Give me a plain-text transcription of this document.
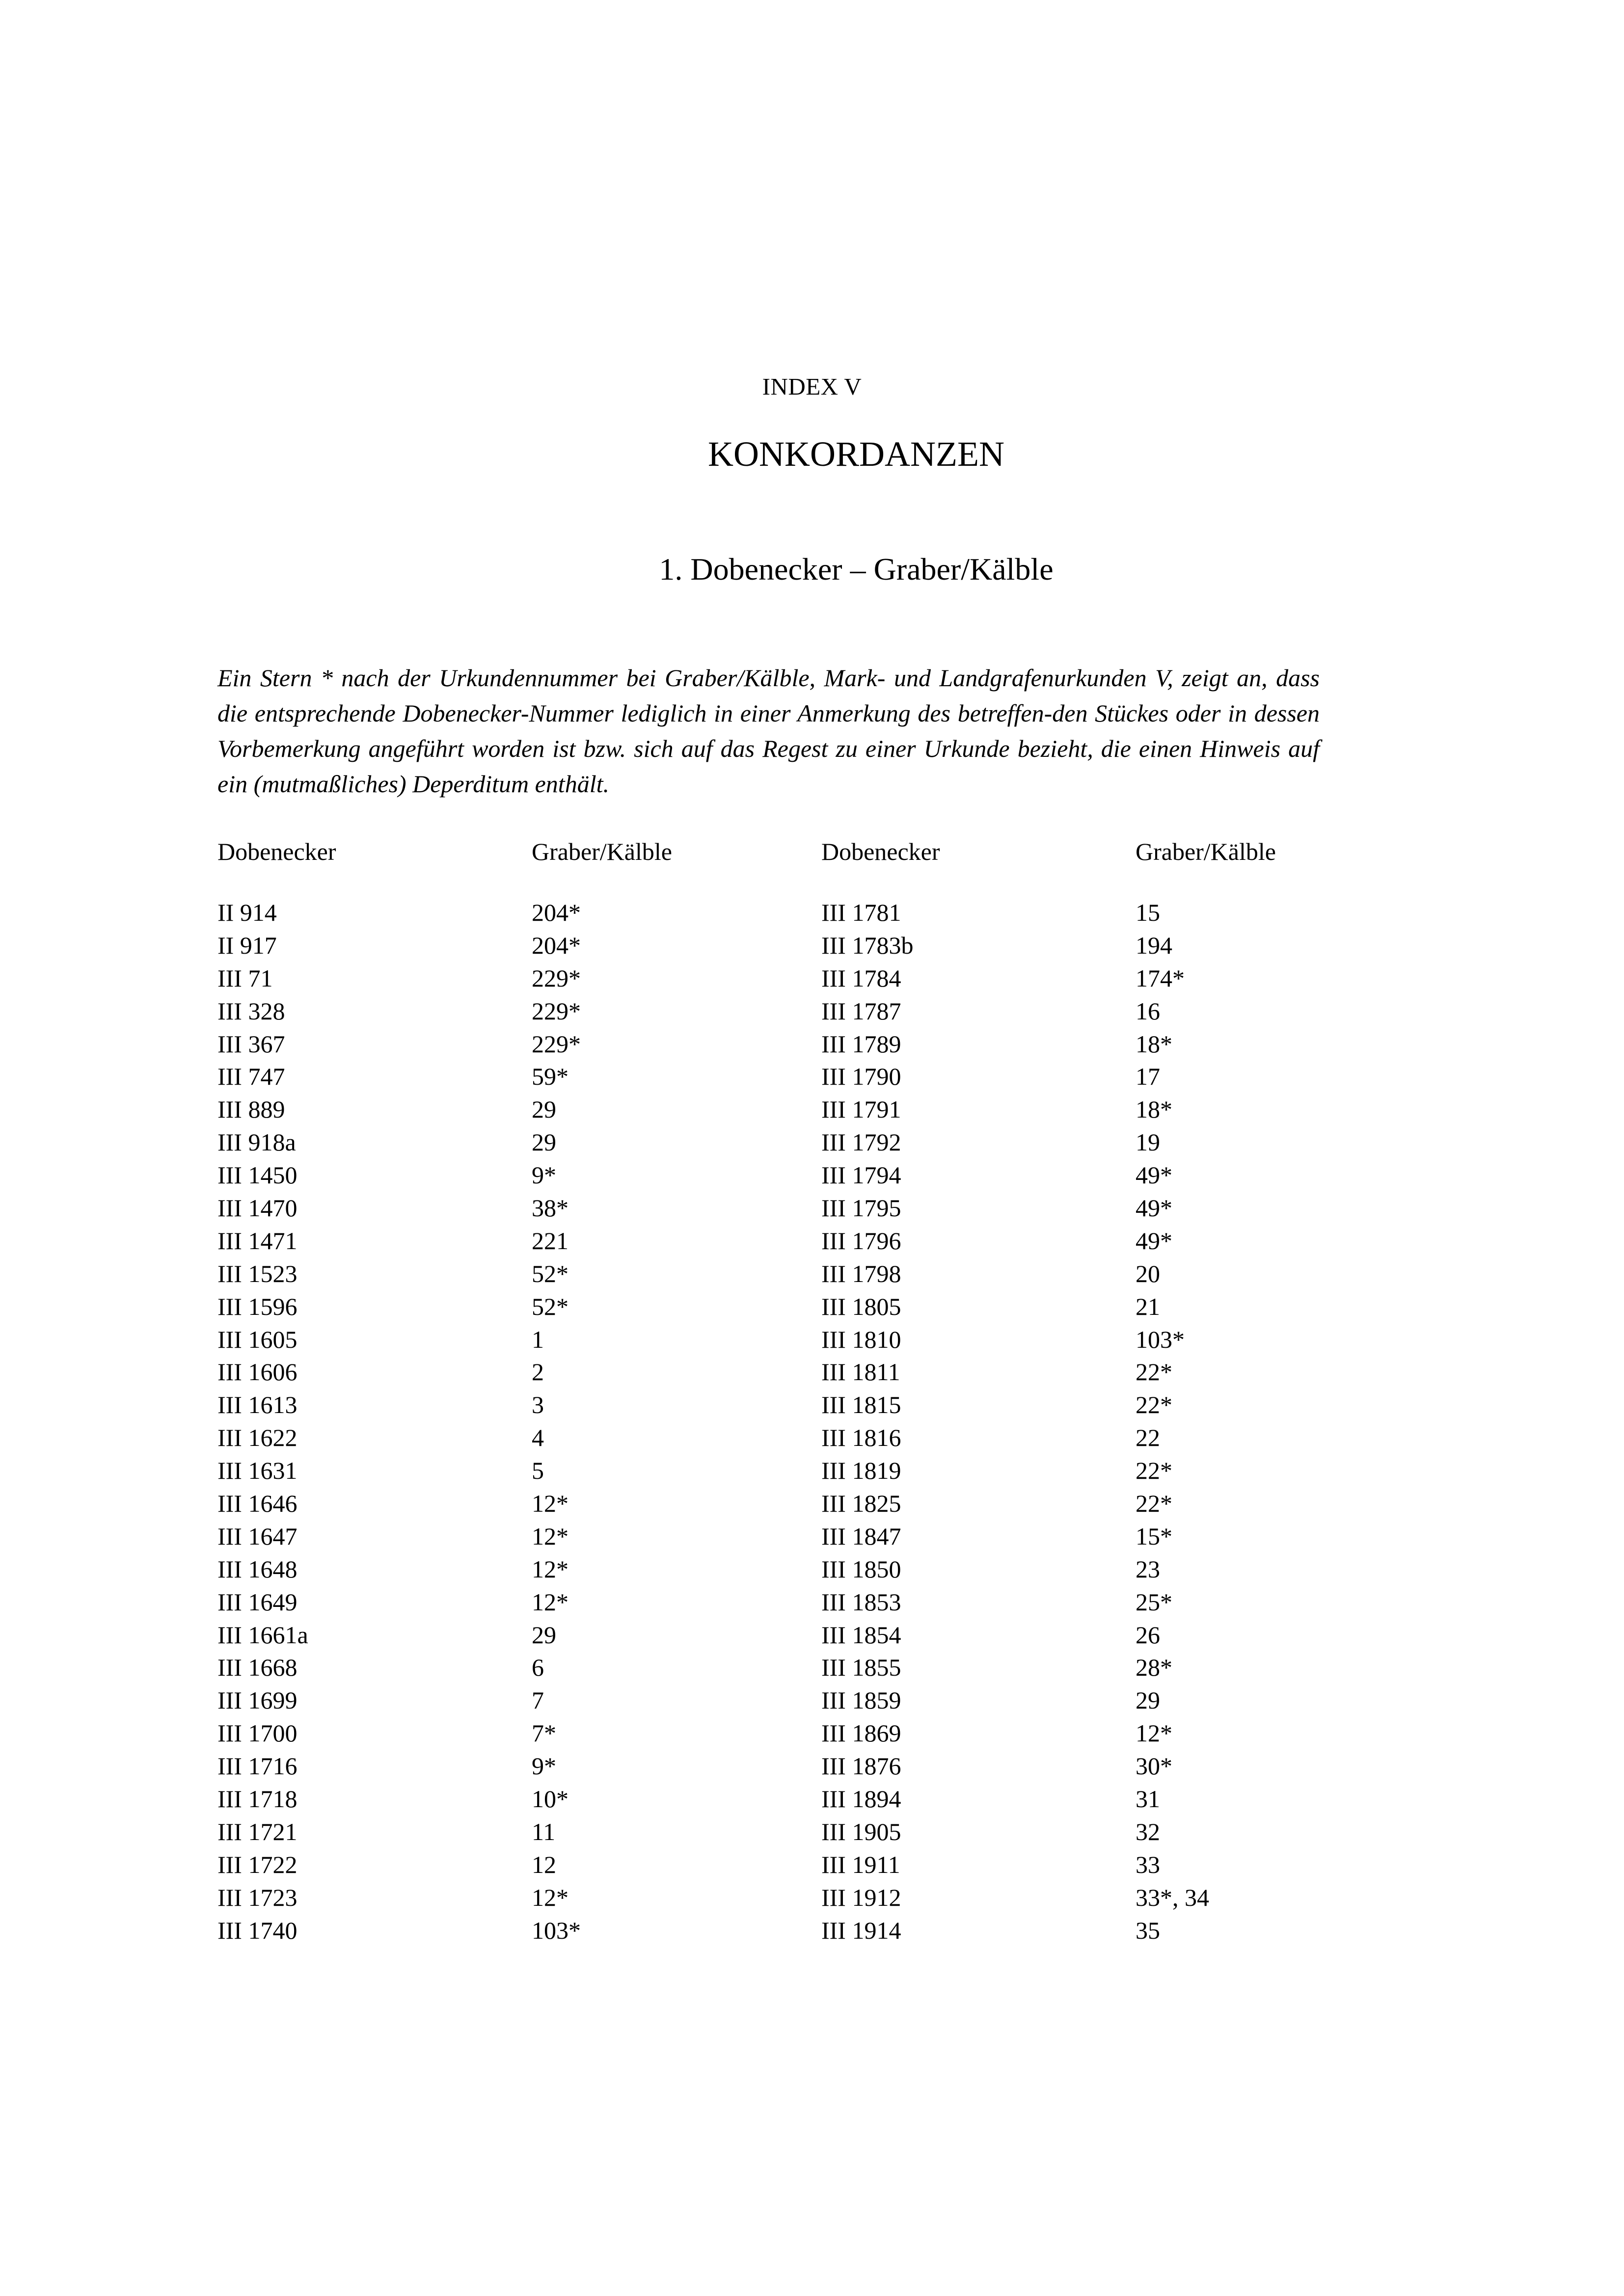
INDEX V
KONKORDANZEN
1. Dobenecker – Graber/Kälble

Ein Stern * nach der Urkundennummer bei Graber/Kälble, Mark- und Landgrafenurkunden V, zeigt an, dass die entsprechende Dobenecker-Nummer lediglich in einer Anmerkung des betreffen-den Stückes oder in dessen Vorbemerkung angeführt worden ist bzw. sich auf das Regest zu einer Urkunde bezieht, die einen Hinweis auf ein (mutmaßliches) Deperditum enthält.

Dobenecker	Graber/Kälble	Dobenecker	Graber/Kälble
II 914	204*	III 1781	15
II 917	204*	III 1783b	194
III 71	229*	III 1784	174*
III 328	229*	III 1787	16
III 367	229*	III 1789	18*
III 747	59*	III 1790	17
III 889	29	III 1791	18*
III 918a	29	III 1792	19
III 1450	9*	III 1794	49*
III 1470	38*	III 1795	49*
III 1471	221	III 1796	49*
III 1523	52*	III 1798	20
III 1596	52*	III 1805	21
III 1605	1	III 1810	103*
III 1606	2	III 1811	22*
III 1613	3	III 1815	22*
III 1622	4	III 1816	22
III 1631	5	III 1819	22*
III 1646	12*	III 1825	22*
III 1647	12*	III 1847	15*
III 1648	12*	III 1850	23
III 1649	12*	III 1853	25*
III 1661a	29	III 1854	26
III 1668	6	III 1855	28*
III 1699	7	III 1859	29
III 1700	7*	III 1869	12*
III 1716	9*	III 1876	30*
III 1718	10*	III 1894	31
III 1721	11	III 1905	32
III 1722	12	III 1911	33
III 1723	12*	III 1912	33*, 34
III 1740	103*	III 1914	35
